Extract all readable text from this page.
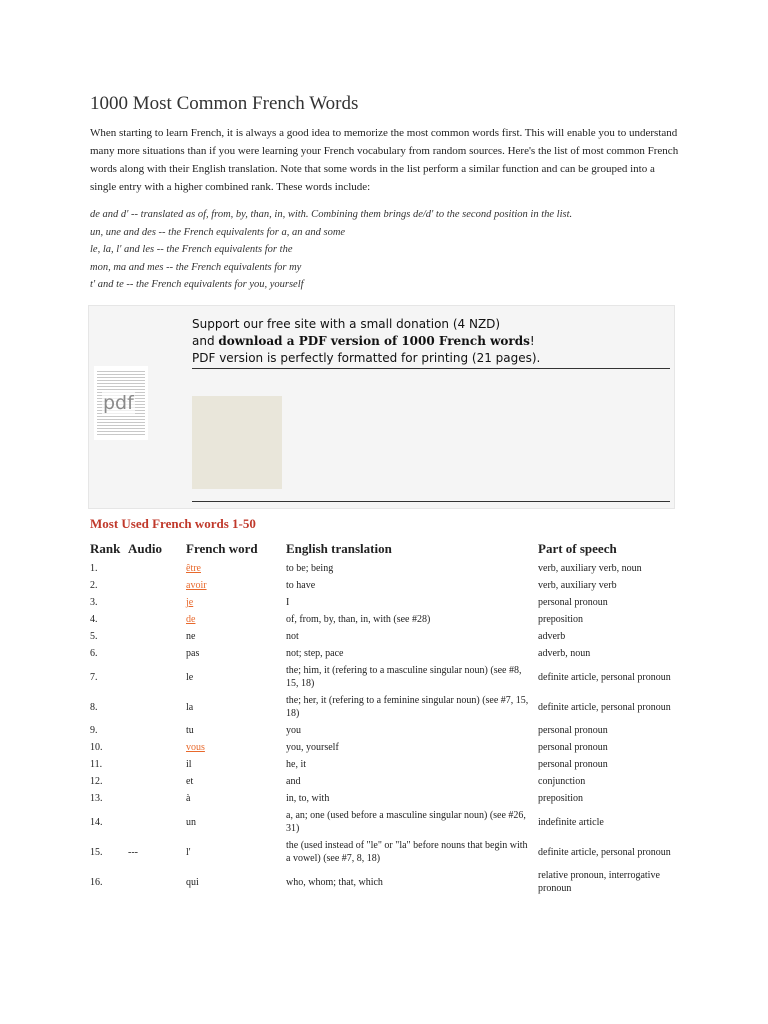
1000 Most Common French Words

When starting to learn French, it is always a good idea to memorize the most common words first. This will enable you to understand many more situations than if you were learning your French vocabulary from random sources. Here's the list of most common French words along with their English translation. Note that some words in the list perform a similar function and can be grouped into a single entry with a higher combined rank. These words include:

de and d' -- translated as of, from, by, than, in, with. Combining them brings de/d' to the second position in the list.
un, une and des -- the French equivalents for a, an and some
le, la, l' and les -- the French equivalents for the
mon, ma and mes -- the French equivalents for my
t' and te -- the French equivalents for you, yourself
pdf
Support our free site with a small donation (4 NZD)
and download a PDF version of 1000 French words!
PDF version is perfectly formatted for printing (21 pages).
Most Used French words 1-50
Rank	Audio	French word	English translation	Part of speech
1.		être	to be; being	verb, auxiliary verb, noun
2.		avoir	to have	verb, auxiliary verb
3.		je	I	personal pronoun
4.		de	of, from, by, than, in, with (see #28)	preposition
5.		ne	not	adverb
6.		pas	not; step, pace	adverb, noun
7.		le	the; him, it (refering to a masculine singular noun) (see #8, 15, 18)	definite article, personal pronoun
8.		la	the; her, it (refering to a feminine singular noun) (see #7, 15, 18)	definite article, personal pronoun
9.		tu	you	personal pronoun
10.		vous	you, yourself	personal pronoun
11.		il	he, it	personal pronoun
12.		et	and	conjunction
13.		à	in, to, with	preposition
14.		un	a, an; one (used before a masculine singular noun) (see #26, 31)	indefinite article
15.	---	l'	the (used instead of "le" or "la" before nouns that begin with a vowel) (see #7, 8, 18)	definite article, personal pronoun
16.		qui	who, whom; that, which	relative pronoun, interrogative pronoun
